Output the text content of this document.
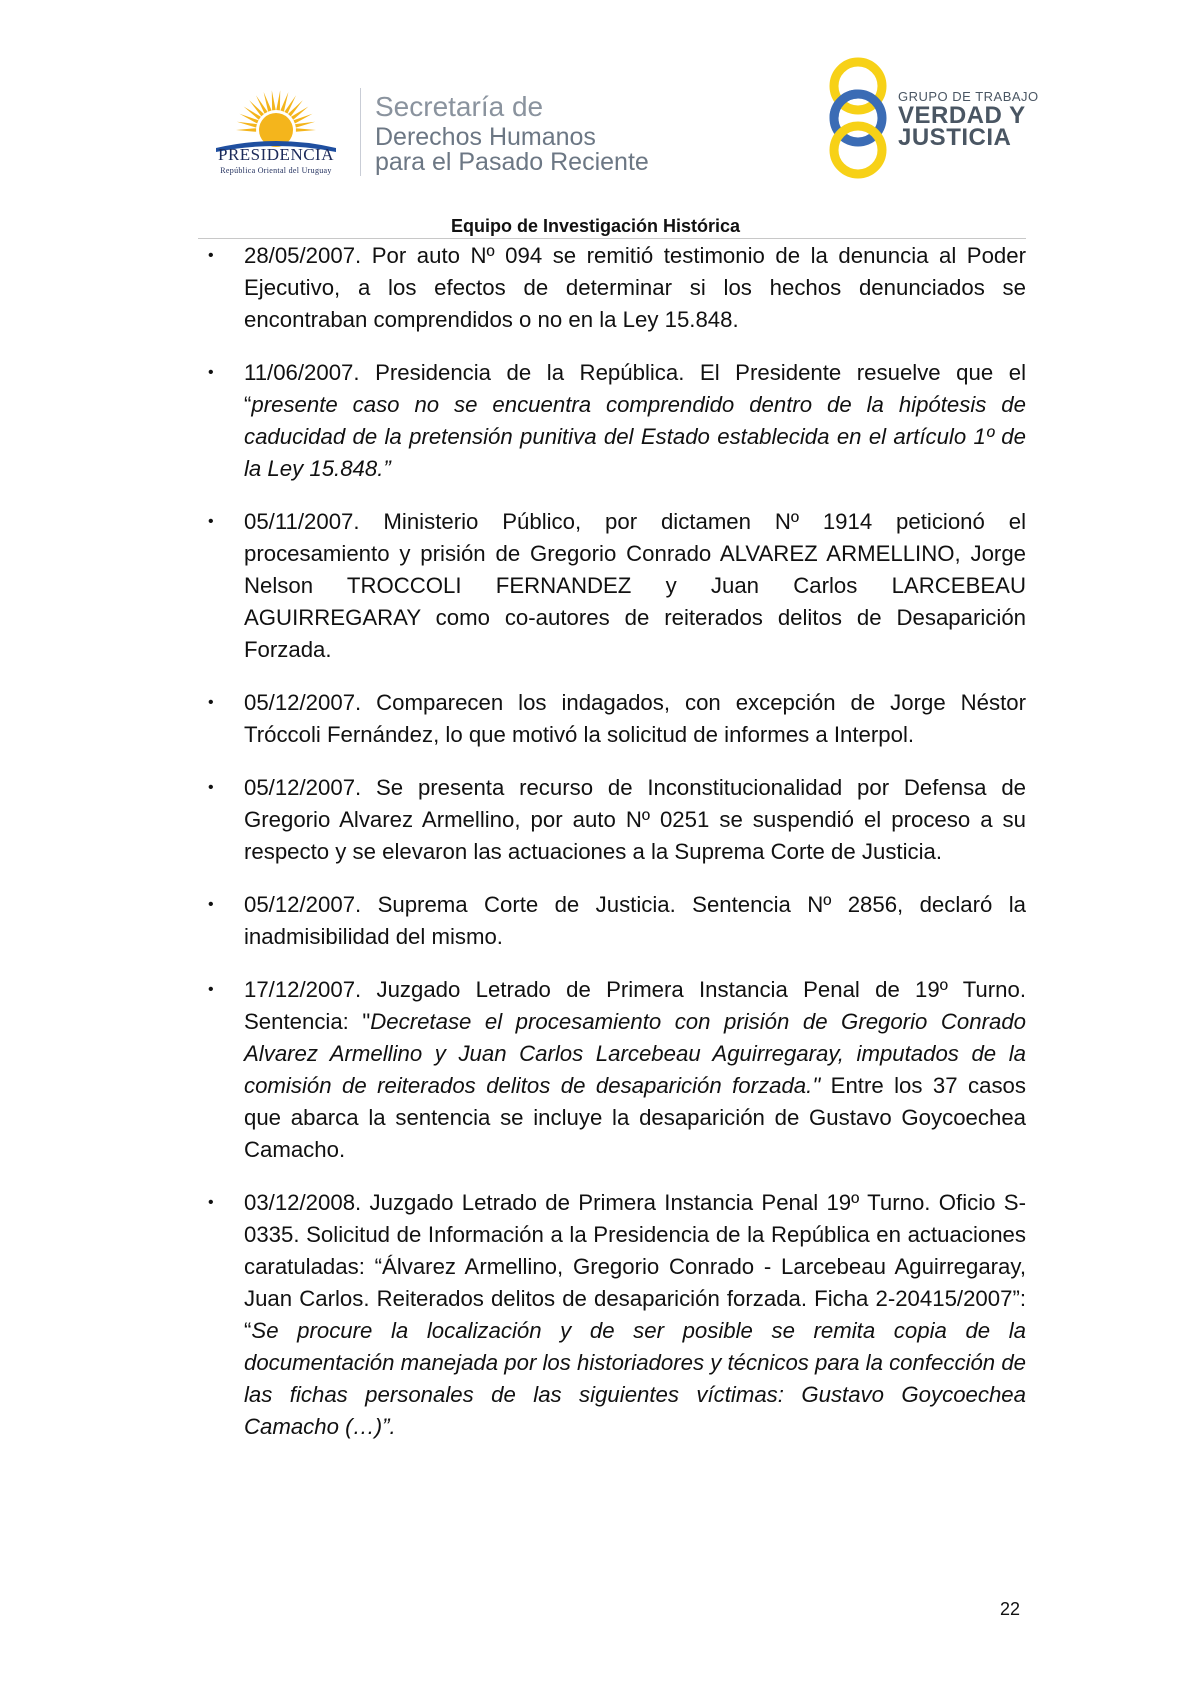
PRESIDENCIA
República Oriental del Uruguay
Secretaría de
Derechos Humanos
para el Pasado Reciente
GRUPO DE TRABAJO
VERDAD Y
JUSTICIA
Equipo de Investigación Histórica
• 28/05/2007. Por auto Nº 094 se remitió testimonio de la denuncia al Poder Ejecutivo, a los efectos de determinar si los hechos denunciados se encontraban comprendidos o no en la Ley 15.848.
• 11/06/2007. Presidencia de la República. El Presidente resuelve que el “presente caso no se encuentra comprendido dentro de la hipótesis de caducidad de la pretensión punitiva del Estado establecida en el artículo 1º de la Ley 15.848.”
• 05/11/2007. Ministerio Público, por dictamen Nº 1914 peticionó el procesamiento y prisión de Gregorio Conrado ALVAREZ ARMELLINO, Jorge Nelson TROCCOLI FERNANDEZ y Juan Carlos LARCEBEAU AGUIRREGARAY como co-autores de reiterados delitos de Desaparición Forzada.
• 05/12/2007. Comparecen los indagados, con excepción de Jorge Néstor Tróccoli Fernández, lo que motivó la solicitud de informes a Interpol.
• 05/12/2007. Se presenta recurso de Inconstitucionalidad por Defensa de Gregorio Alvarez Armellino, por auto Nº 0251 se suspendió el proceso a su respecto y se elevaron las actuaciones a la Suprema Corte de Justicia.
• 05/12/2007. Suprema Corte de Justicia. Sentencia Nº 2856, declaró la inadmisibilidad del mismo.
• 17/12/2007. Juzgado Letrado de Primera Instancia Penal de 19º Turno. Sentencia: "Decretase el procesamiento con prisión de Gregorio Conrado Alvarez Armellino y Juan Carlos Larcebeau Aguirregaray, imputados de la comisión de reiterados delitos de desaparición forzada." Entre los 37 casos que abarca la sentencia se incluye la desaparición de Gustavo Goycoechea Camacho.
• 03/12/2008. Juzgado Letrado de Primera Instancia Penal 19º Turno. Oficio S-0335. Solicitud de Información a la Presidencia de la República en actuaciones caratuladas: “Álvarez Armellino, Gregorio Conrado - Larcebeau Aguirregaray, Juan Carlos. Reiterados delitos de desaparición forzada. Ficha 2-20415/2007”: “Se procure la localización y de ser posible se remita copia de la documentación manejada por los historiadores y técnicos para la confección de las fichas personales de las siguientes víctimas: Gustavo Goycoechea Camacho (…)”.
22
